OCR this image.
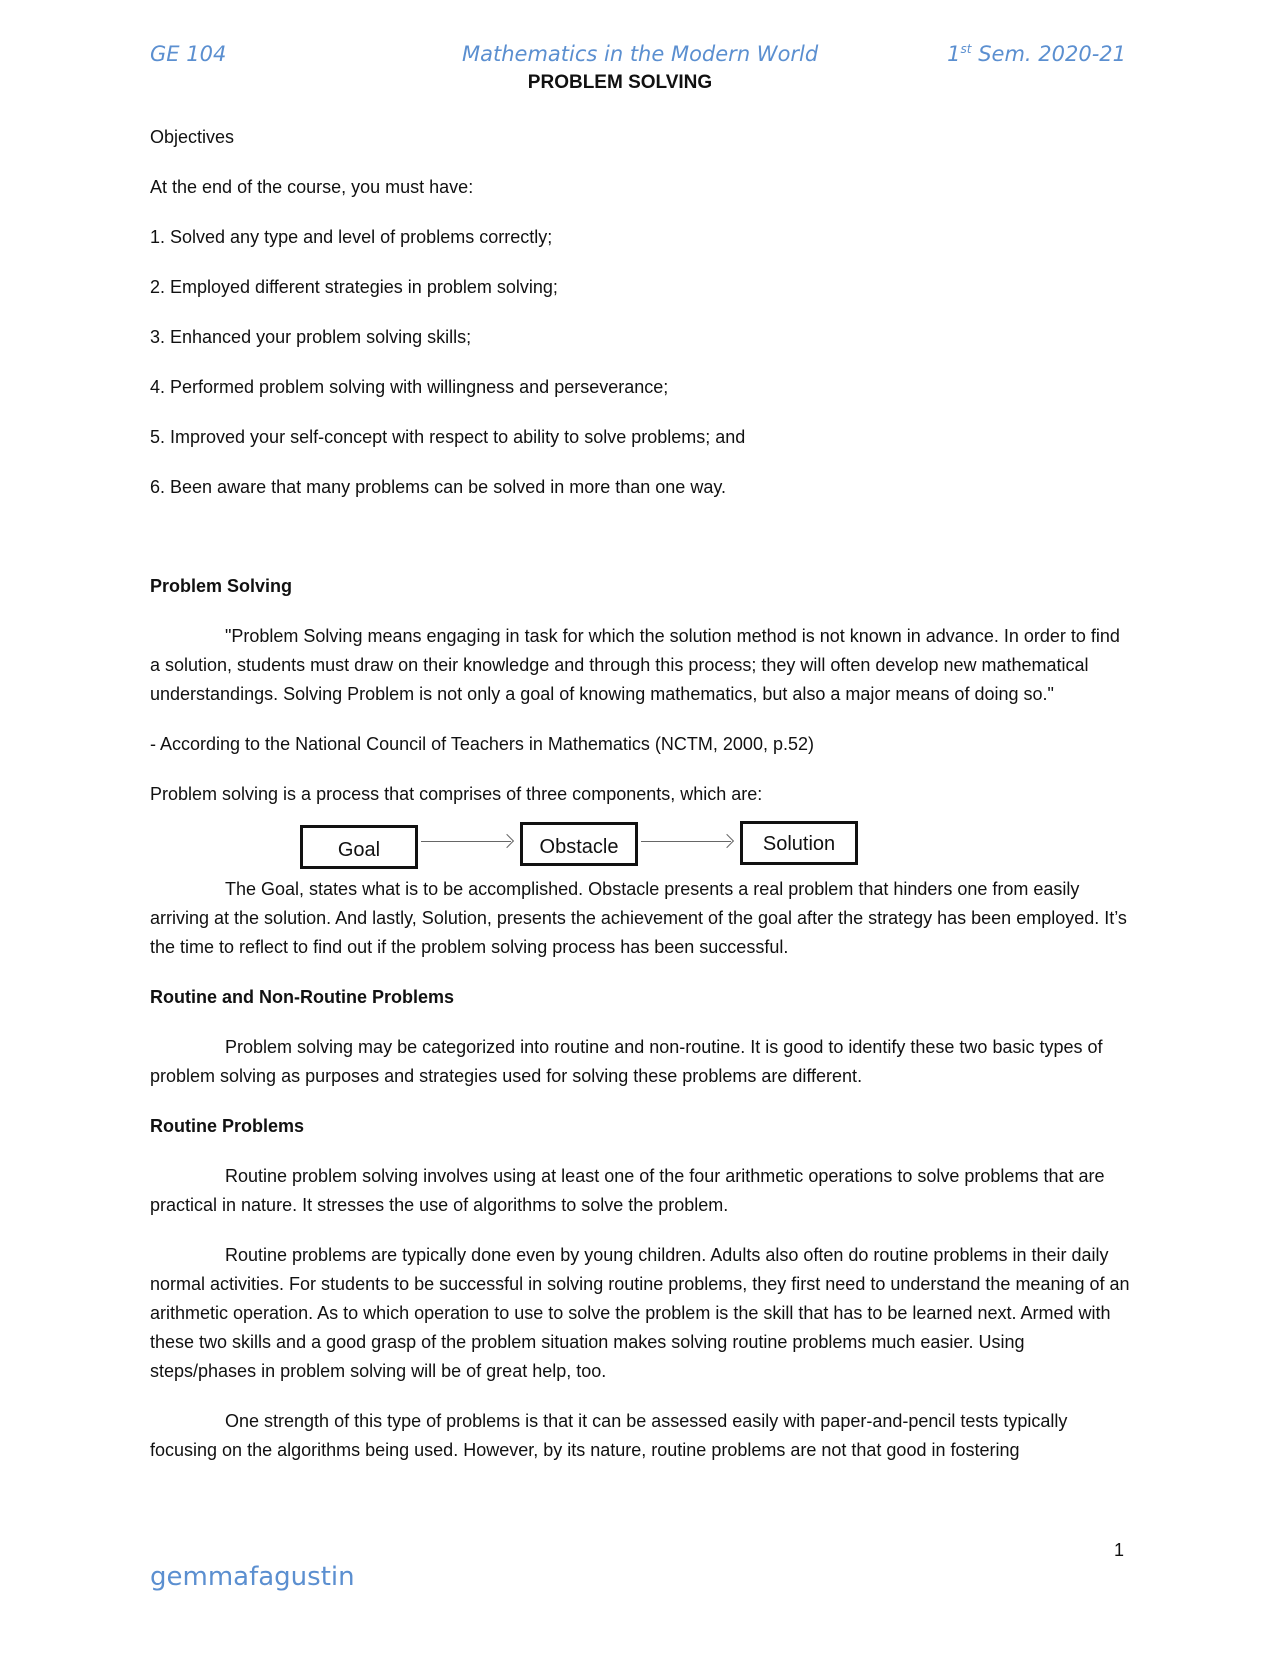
GE 104	Mathematics in the Modern World	1st Sem. 2020-21
PROBLEM SOLVING

Objectives

At the end of the course, you must have:

1. Solved any type and level of problems correctly;

2. Employed different strategies in problem solving;

3. Enhanced your problem solving skills;

4. Performed problem solving with willingness and perseverance;

5. Improved your self-concept with respect to ability to solve problems; and

6. Been aware that many problems can be solved in more than one way.

Problem Solving

"Problem Solving means engaging in task for which the solution method is not known in advance. In order to find a solution, students must draw on their knowledge and through this process; they will often develop new mathematical understandings. Solving Problem is not only a goal of knowing mathematics, but also a major means of doing so."

- According to the National Council of Teachers in Mathematics (NCTM, 2000, p.52)

Problem solving is a process that comprises of three components, which are:

Goal	Obstacle	Solution

The Goal, states what is to be accomplished. Obstacle presents a real problem that hinders one from easily arriving at the solution. And lastly, Solution, presents the achievement of the goal after the strategy has been employed. It’s the time to reflect to find out if the problem solving process has been successful.

Routine and Non-Routine Problems

Problem solving may be categorized into routine and non-routine. It is good to identify these two basic types of problem solving as purposes and strategies used for solving these problems are different.

Routine Problems

Routine problem solving involves using at least one of the four arithmetic operations to solve problems that are practical in nature. It stresses the use of algorithms to solve the problem.

Routine problems are typically done even by young children. Adults also often do routine problems in their daily normal activities. For students to be successful in solving routine problems, they first need to understand the meaning of an arithmetic operation. As to which operation to use to solve the problem is the skill that has to be learned next. Armed with these two skills and a good grasp of the problem situation makes solving routine problems much easier. Using steps/phases in problem solving will be of great help, too.

One strength of this type of problems is that it can be assessed easily with paper-and-pencil tests typically focusing on the algorithms being used. However, by its nature, routine problems are not that good in fostering

1
gemmafagustin
